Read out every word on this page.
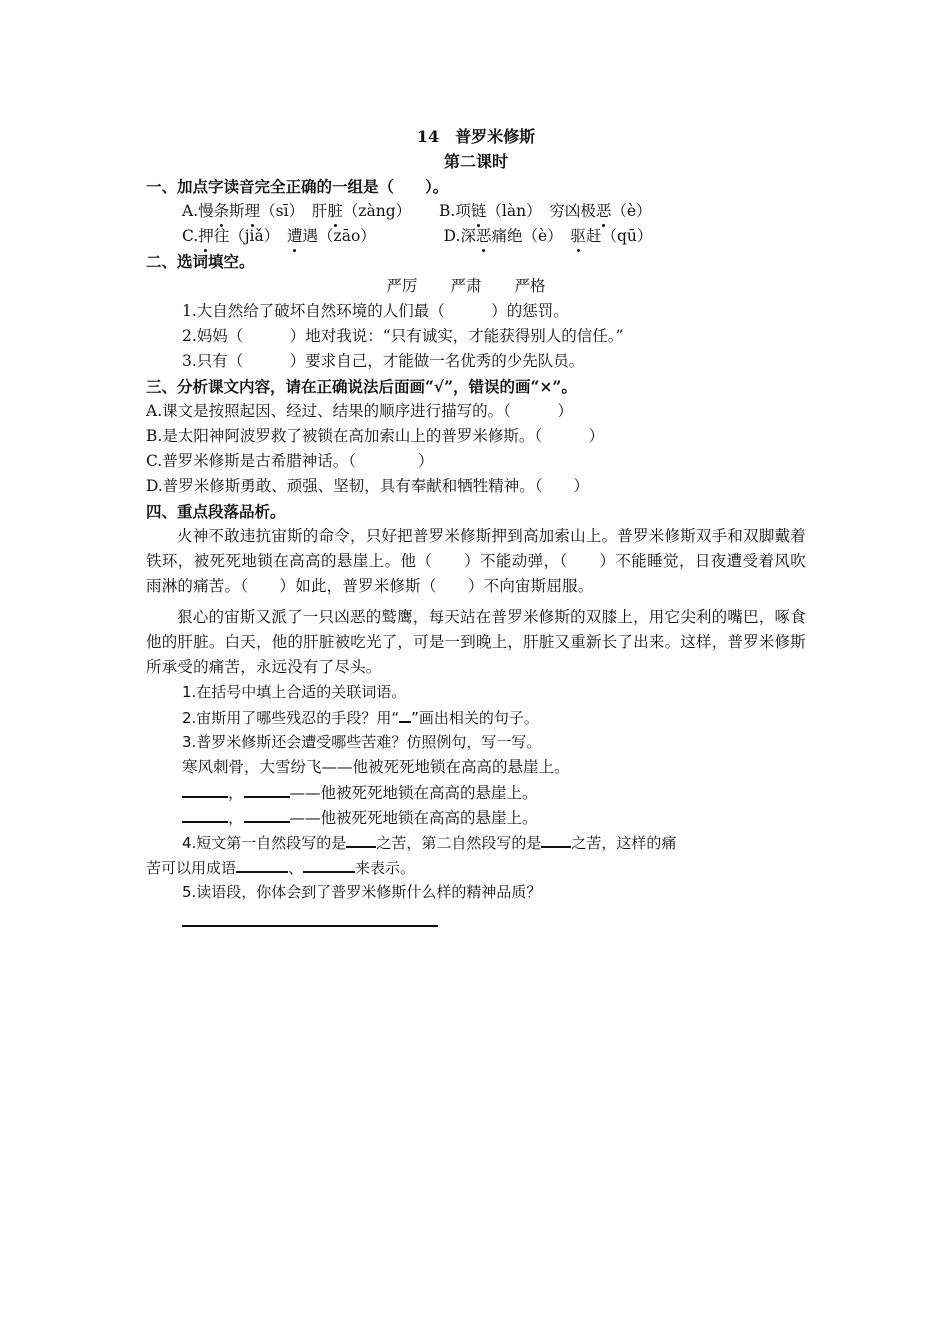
14　普罗米修斯
第二课时
一、加点字读音完全正确的一组是（　　）。
A.慢条斯理（sī）　肝脏（zàng） B.项链（làn）　穷凶极恶（è）
C.押往（jiǎ）　遭遇（zāo）	D.深恶痛绝（è）　驱赶（qū）
二、选词填空。
严厉 严肃 严格
1.大自然给了破坏自然环境的人们最（　　　）的惩罚。
2.妈妈（　　　）地对我说：“只有诚实，才能获得别人的信任。”
3.只有（　　　）要求自己，才能做一名优秀的少先队员。
三、分析课文内容，请在正确说法后面画“√”，错误的画“×”。
A.课文是按照起因、经过、结果的顺序进行描写的。（　　　）
B.是太阳神阿波罗救了被锁在高加索山上的普罗米修斯。（　　　）
C.普罗米修斯是古希腊神话。（　　　　）
D.普罗米修斯勇敢、顽强、坚韧，具有奉献和牺牲精神。（　　）
四、重点段落品析。
火神不敢违抗宙斯的命令，只好把普罗米修斯押到高加索山上。普罗米修斯双手和双脚戴着铁环，被死死地锁在高高的悬崖上。他（　　）不能动弹，（　　）不能睡觉，日夜遭受着风吹雨淋的痛苦。（　　）如此，普罗米修斯（　　）不向宙斯屈服。
狠心的宙斯又派了一只凶恶的鹫鹰，每天站在普罗米修斯的双膝上，用它尖利的嘴巴，啄食他的肝脏。白天，他的肝脏被吃光了，可是一到晚上，肝脏又重新长了出来。这样，普罗米修斯所承受的痛苦，永远没有了尽头。
1.在括号中填上合适的关联词语。
2.宙斯用了哪些残忍的手段？用“ ”画出相关的句子。
3.普罗米修斯还会遭受哪些苦难？仿照例句，写一写。
寒风刺骨，大雪纷飞——他被死死地锁在高高的悬崖上。
，	——他被死死地锁在高高的悬崖上。
，	——他被死死地锁在高高的悬崖上。
4.短文第一自然段写的是 之苦，第二自然段写的是 之苦，这样的痛
苦可以用成语	、	来表示。
5.读语段，你体会到了普罗米修斯什么样的精神品质？
